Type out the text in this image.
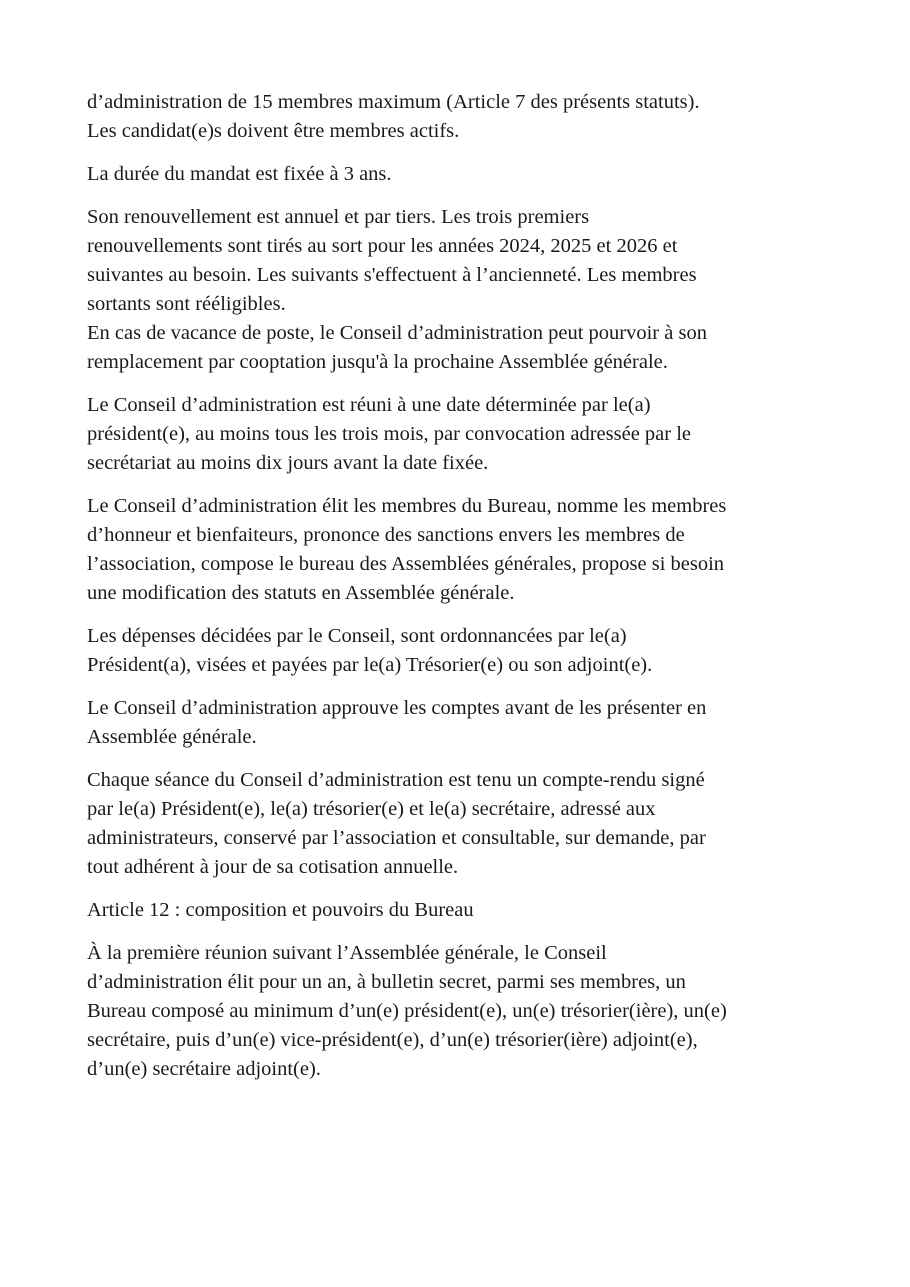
d’administration de 15 membres maximum (Article 7 des présents statuts).
Les candidat(e)s doivent être membres actifs.

La durée du mandat est fixée à 3 ans.

Son renouvellement est annuel et par tiers. Les trois premiers
renouvellements sont tirés au sort pour les années 2024, 2025 et 2026 et
suivantes au besoin. Les suivants s'effectuent à l’ancienneté. Les membres
sortants sont rééligibles.

En cas de vacance de poste, le Conseil d’administration peut pourvoir à son
remplacement par cooptation jusqu'à la prochaine Assemblée générale.

Le Conseil d’administration est réuni à une date déterminée par le(a)
président(e), au moins tous les trois mois, par convocation adressée par le
secrétariat au moins dix jours avant la date fixée.

Le Conseil d’administration élit les membres du Bureau, nomme les membres
d’honneur et bienfaiteurs, prononce des sanctions envers les membres de
l’association, compose le bureau des Assemblées générales, propose si besoin
une modification des statuts en Assemblée générale.

Les dépenses décidées par le Conseil, sont ordonnancées par le(a)
Président(a), visées et payées par le(a) Trésorier(e) ou son adjoint(e).

Le Conseil d’administration approuve les comptes avant de les présenter en
Assemblée générale.

Chaque séance du Conseil d’administration est tenu un compte-rendu signé
par le(a) Président(e), le(a) trésorier(e) et le(a) secrétaire, adressé aux
administrateurs, conservé par l’association et consultable, sur demande, par
tout adhérent à jour de sa cotisation annuelle.

Article 12 : composition et pouvoirs du Bureau

À la première réunion suivant l’Assemblée générale, le Conseil
d’administration élit pour un an, à bulletin secret, parmi ses membres, un
Bureau composé au minimum d’un(e) président(e), un(e) trésorier(ière), un(e)
secrétaire, puis d’un(e) vice-président(e), d’un(e) trésorier(ière) adjoint(e),
d’un(e) secrétaire adjoint(e).
